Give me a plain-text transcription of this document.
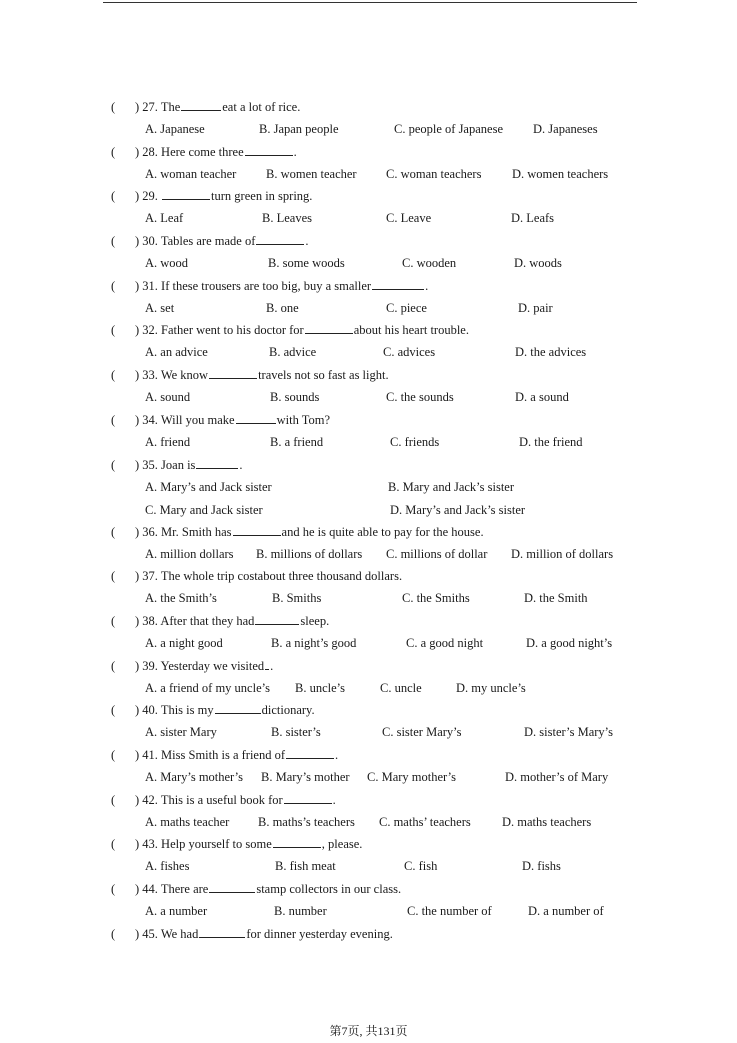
( ) 27. The	eat a lot of rice.
A. Japanese	B. Japan people	C. people of Japanese D. Japaneses
( ) 28. Here come three	.
A. woman teacher B. women teacher C. woman teachers D. women teachers
( ) 29.	turn green in spring.
A. Leaf	B. Leaves	C. Leave	D. Leafs
( ) 30. Tables are made of	.
A. wood	B. some woods	C. wooden	D. woods
( ) 31. If these trousers are too big, buy a smaller	.
A. set	B. one	C. piece	D. pair
( ) 32. Father went to his doctor for	about his heart trouble.
A. an advice	B. advice	C. advices	D. the advices
( ) 33. We know	travels not so fast as light.
A. sound	B. sounds	C. the sounds	D. a sound
( ) 34. Will you make	with Tom?
A. friend	B. a friend	C. friends	D. the friend
( ) 35. Joan is	.
A. Mary’s and Jack sister	B. Mary and Jack’s sister
C. Mary and Jack sister	D. Mary’s and Jack’s sister
( ) 36. Mr. Smith has	and he is quite able to pay for the house.
A. million dollars B. millions of dollars C. millions of dollar D. million of dollars
( ) 37. The whole trip costabout three thousand dollars.
A. the Smith’s	B. Smiths	C. the Smiths	D. the Smith
( ) 38. After that they had	sleep.
A. a night good	B. a night’s good	C. a good night	D. a good night’s
( ) 39. Yesterday we visited .
A. a friend of my uncle’s B. uncle’s	C. uncle	D. my uncle’s
( ) 40. This is my	dictionary.
A. sister Mary	B. sister’s	C. sister Mary’s	D. sister’s Mary’s
( ) 41. Miss Smith is a friend of	.
A. Mary’s mother’s B. Mary’s mother C. Mary mother’s	D. mother’s of Mary
( ) 42. This is a useful book for	.
A. maths teacher B. maths’s teachers C. maths’ teachers	D. maths teachers
( ) 43. Help yourself to some	, please.
A. fishes	B. fish meat	C. fish	D. fishs
( ) 44. There are	stamp collectors in our class.
A. a number	B. number	C. the number of	D. a number of
( ) 45. We had	for dinner yesterday evening.
第7页, 共131页
